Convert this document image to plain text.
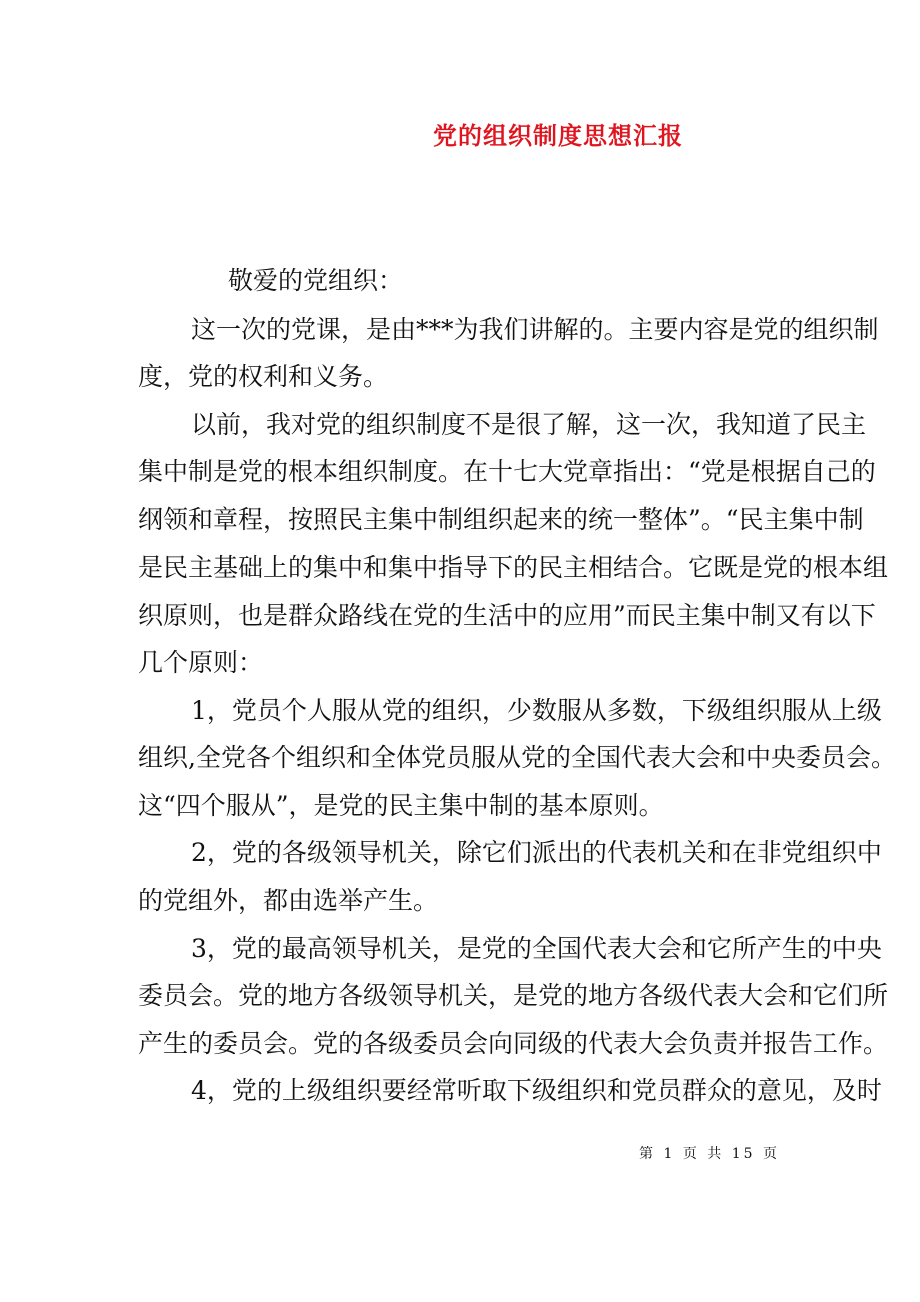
党的组织制度思想汇报
敬爱的党组织：
这一次的党课，是由***为我们讲解的。主要内容是党的组织制
度，党的权利和义务。
以前，我对党的组织制度不是很了解，这一次，我知道了民主
集中制是党的根本组织制度。在十七大党章指出：“党是根据自己的
纲领和章程，按照民主集中制组织起来的统一整体”。“民主集中制
是民主基础上的集中和集中指导下的民主相结合。它既是党的根本组
织原则，也是群众路线在党的生活中的应用”而民主集中制又有以下
几个原则：
1，党员个人服从党的组织，少数服从多数，下级组织服从上级
组织,全党各个组织和全体党员服从党的全国代表大会和中央委员会。
这“四个服从”，是党的民主集中制的基本原则。
2，党的各级领导机关，除它们派出的代表机关和在非党组织中
的党组外，都由选举产生。
3，党的最高领导机关，是党的全国代表大会和它所产生的中央
委员会。党的地方各级领导机关，是党的地方各级代表大会和它们所
产生的委员会。党的各级委员会向同级的代表大会负责并报告工作。
4，党的上级组织要经常听取下级组织和党员群众的意见，及时
第 1 页 共 15 页
